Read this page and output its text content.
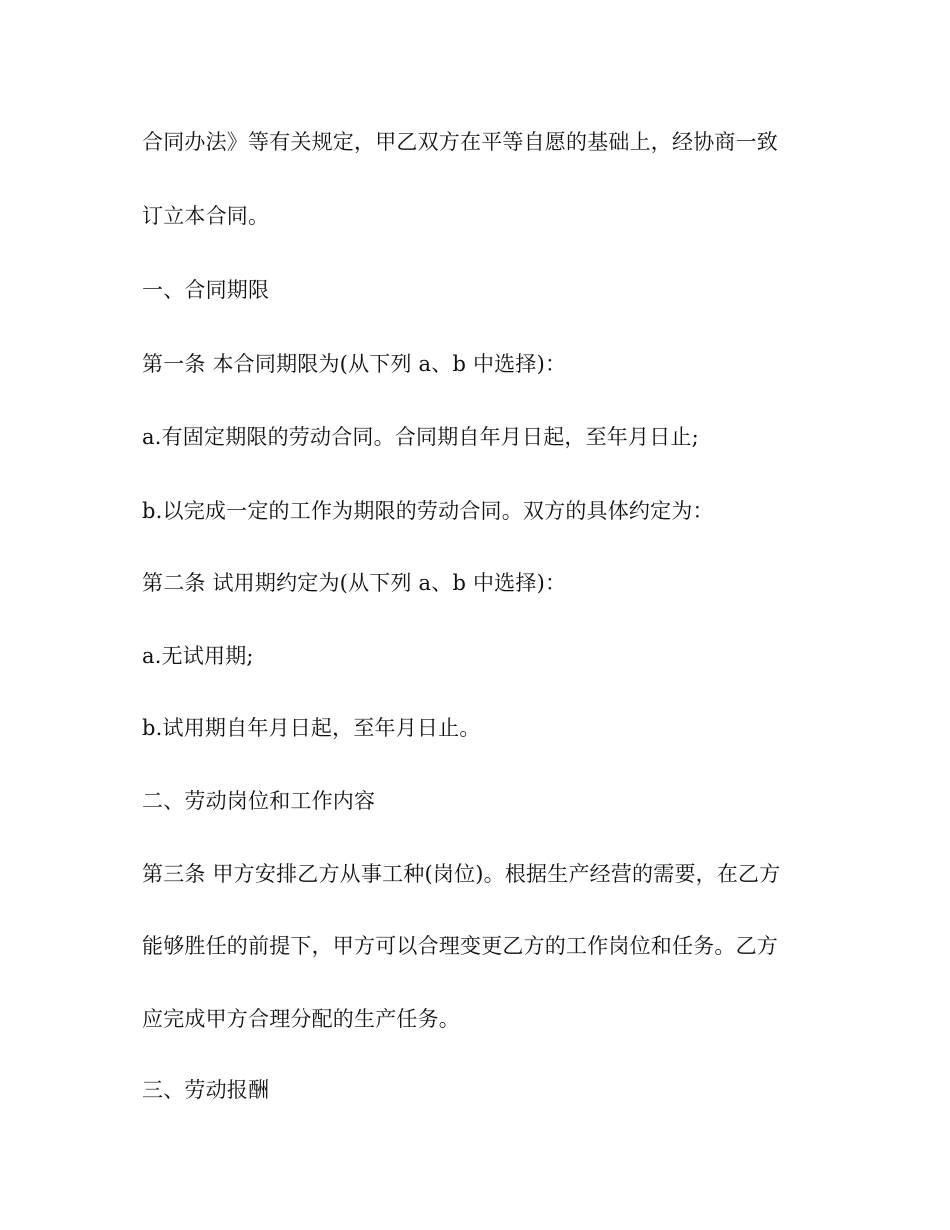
合同办法》等有关规定，甲乙双方在平等自愿的基础上，经协商一致
订立本合同。
一、合同期限
第一条 本合同期限为(从下列 a、b 中选择)：
a.有固定期限的劳动合同。合同期自年月日起，至年月日止;
b.以完成一定的工作为期限的劳动合同。双方的具体约定为：
第二条 试用期约定为(从下列 a、b 中选择)：
a.无试用期;
b.试用期自年月日起，至年月日止。
二、劳动岗位和工作内容
第三条 甲方安排乙方从事工种(岗位)。根据生产经营的需要，在乙方
能够胜任的前提下，甲方可以合理变更乙方的工作岗位和任务。乙方
应完成甲方合理分配的生产任务。
三、劳动报酬
